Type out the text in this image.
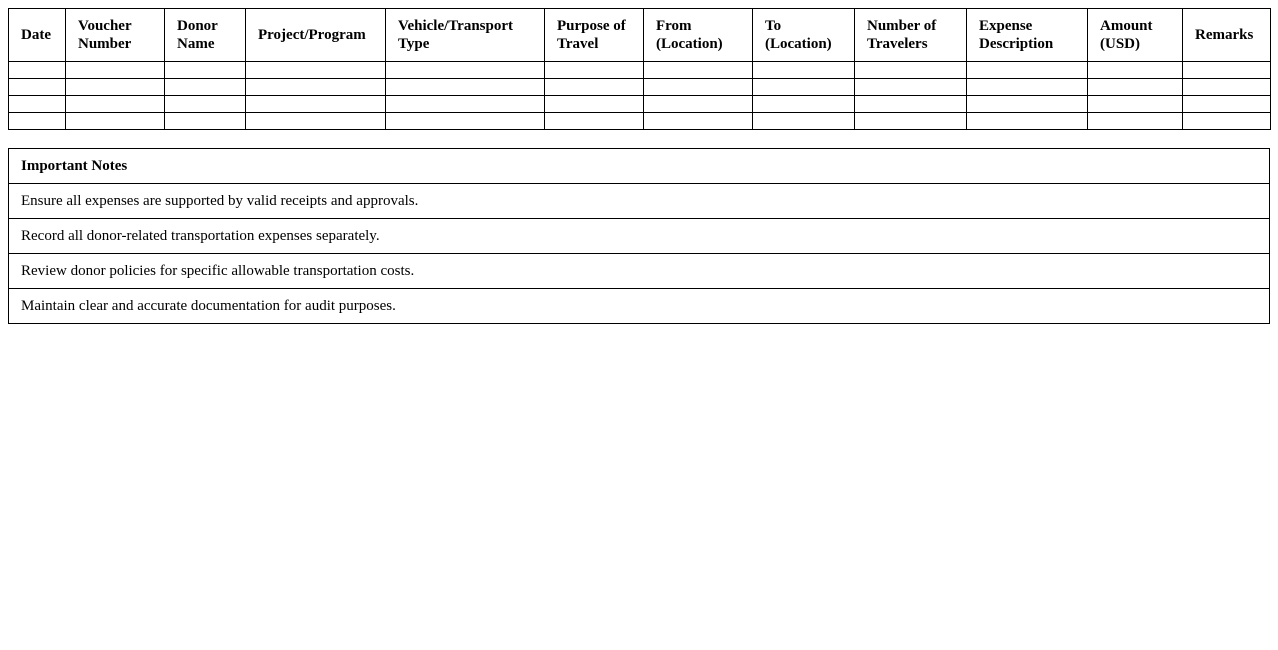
Date	Voucher Number	Donor Name	Project/Program	Vehicle/Transport Type	Purpose of Travel	From (Location)	To (Location)	Number of Travelers	Expense Description	Amount (USD)	Remarks

Important Notes
Ensure all expenses are supported by valid receipts and approvals.
Record all donor-related transportation expenses separately.
Review donor policies for specific allowable transportation costs.
Maintain clear and accurate documentation for audit purposes.
